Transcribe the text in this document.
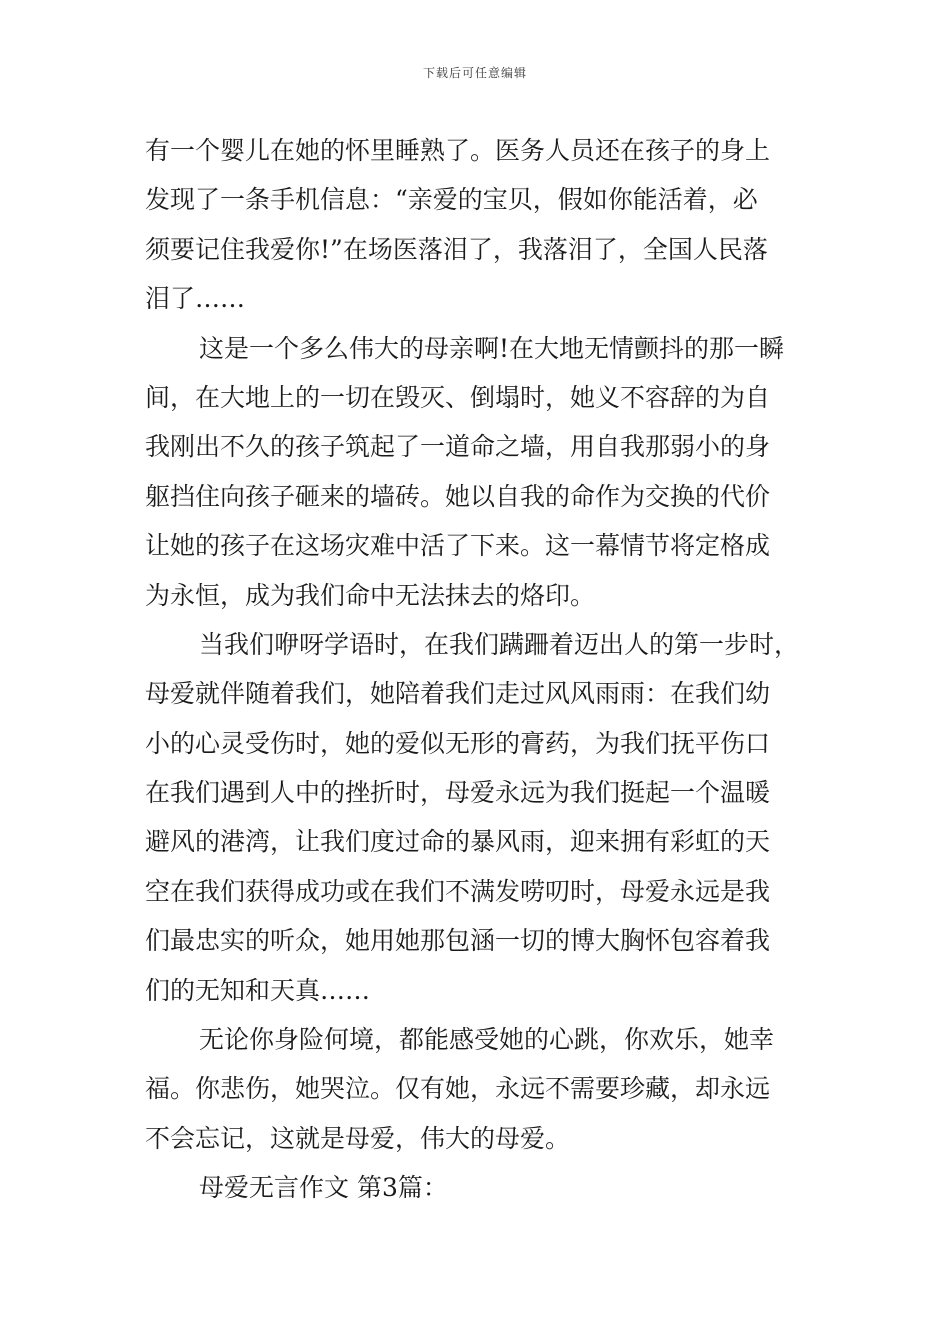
下载后可任意编辑
有一个婴儿在她的怀里睡熟了。医务人员还在孩子的身上
发现了一条手机信息：“亲爱的宝贝，假如你能活着，必
须要记住我爱你!”在场医落泪了，我落泪了，全国人民落
泪了……
这是一个多么伟大的母亲啊!在大地无情颤抖的那一瞬
间，在大地上的一切在毁灭、倒塌时，她义不容辞的为自
我刚出不久的孩子筑起了一道命之墙，用自我那弱小的身
躯挡住向孩子砸来的墙砖。她以自我的命作为交换的代价
让她的孩子在这场灾难中活了下来。这一幕情节将定格成
为永恒，成为我们命中无法抹去的烙印。
当我们咿呀学语时，在我们蹒跚着迈出人的第一步时，
母爱就伴随着我们，她陪着我们走过风风雨雨：在我们幼
小的心灵受伤时，她的爱似无形的膏药，为我们抚平伤口
在我们遇到人中的挫折时，母爱永远为我们挺起一个温暖
避风的港湾，让我们度过命的暴风雨，迎来拥有彩虹的天
空在我们获得成功或在我们不满发唠叨时，母爱永远是我
们最忠实的听众，她用她那包涵一切的博大胸怀包容着我
们的无知和天真……
无论你身险何境，都能感受她的心跳，你欢乐，她幸
福。你悲伤，她哭泣。仅有她，永远不需要珍藏，却永远
不会忘记，这就是母爱，伟大的母爱。
母爱无言作文 第3篇：
